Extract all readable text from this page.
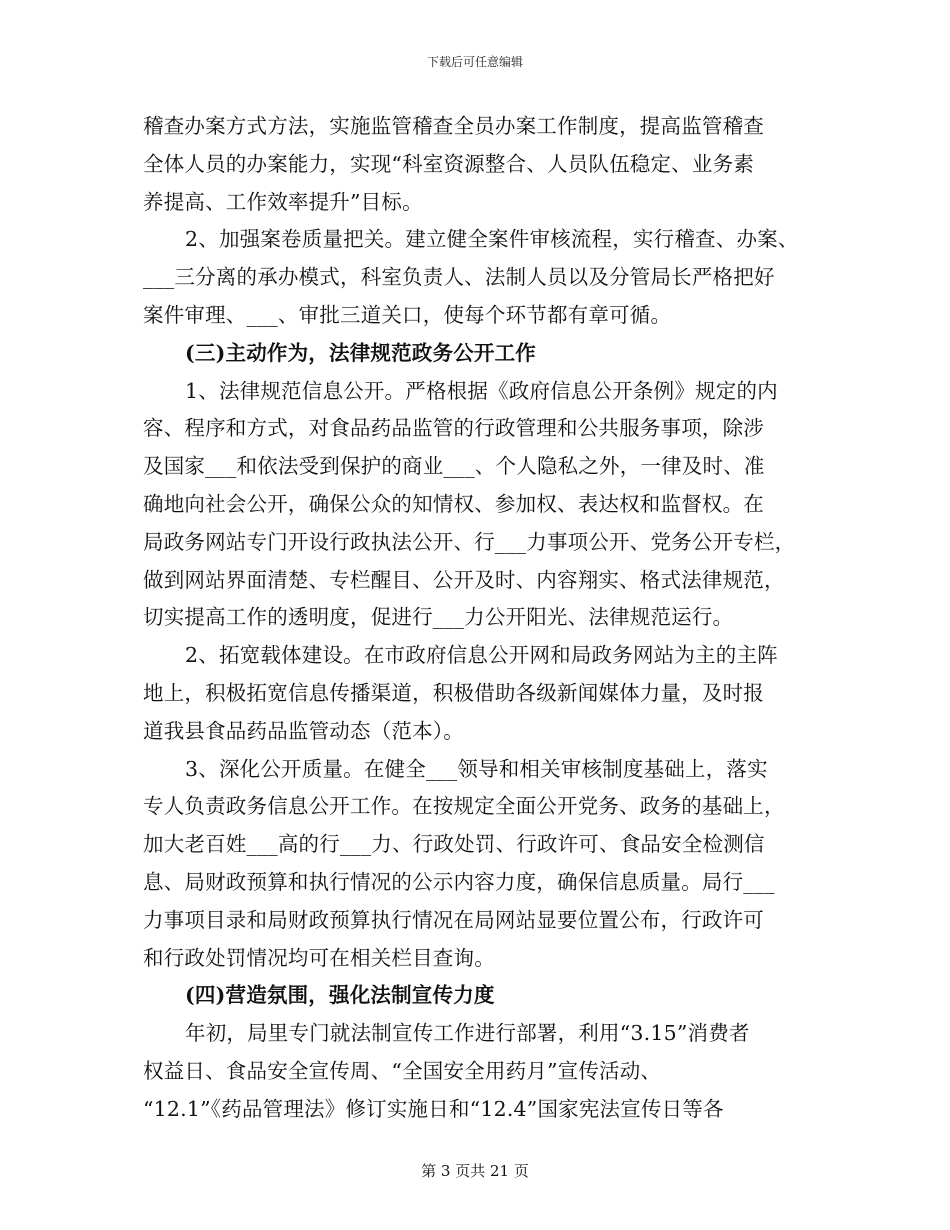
下载后可任意编辑
稽查办案方式方法，实施监管稽查全员办案工作制度，提高监管稽查
全体人员的办案能力，实现“科室资源整合、人员队伍稳定、业务素
养提高、工作效率提升”目标。
2、加强案卷质量把关。建立健全案件审核流程，实行稽查、办案、
___三分离的承办模式，科室负责人、法制人员以及分管局长严格把好
案件审理、___、审批三道关口，使每个环节都有章可循。
(三)主动作为，法律规范政务公开工作
1、法律规范信息公开。严格根据《政府信息公开条例》规定的内
容、程序和方式，对食品药品监管的行政管理和公共服务事项，除涉
及国家___和依法受到保护的商业___、个人隐私之外，一律及时、准
确地向社会公开，确保公众的知情权、参加权、表达权和监督权。在
局政务网站专门开设行政执法公开、行___力事项公开、党务公开专栏，
做到网站界面清楚、专栏醒目、公开及时、内容翔实、格式法律规范，
切实提高工作的透明度，促进行___力公开阳光、法律规范运行。
2、拓宽载体建设。在市政府信息公开网和局政务网站为主的主阵
地上，积极拓宽信息传播渠道，积极借助各级新闻媒体力量，及时报
道我县食品药品监管动态（范本）。
3、深化公开质量。在健全___领导和相关审核制度基础上，落实
专人负责政务信息公开工作。在按规定全面公开党务、政务的基础上，
加大老百姓___高的行___力、行政处罚、行政许可、食品安全检测信
息、局财政预算和执行情况的公示内容力度，确保信息质量。局行___
力事项目录和局财政预算执行情况在局网站显要位置公布，行政许可
和行政处罚情况均可在相关栏目查询。
(四)营造氛围，强化法制宣传力度
年初，局里专门就法制宣传工作进行部署，利用“3.15”消费者
权益日、食品安全宣传周、“全国安全用药月”宣传活动、
“12.1”《药品管理法》修订实施日和“12.4”国家宪法宣传日等各
第 3 页共 21 页
